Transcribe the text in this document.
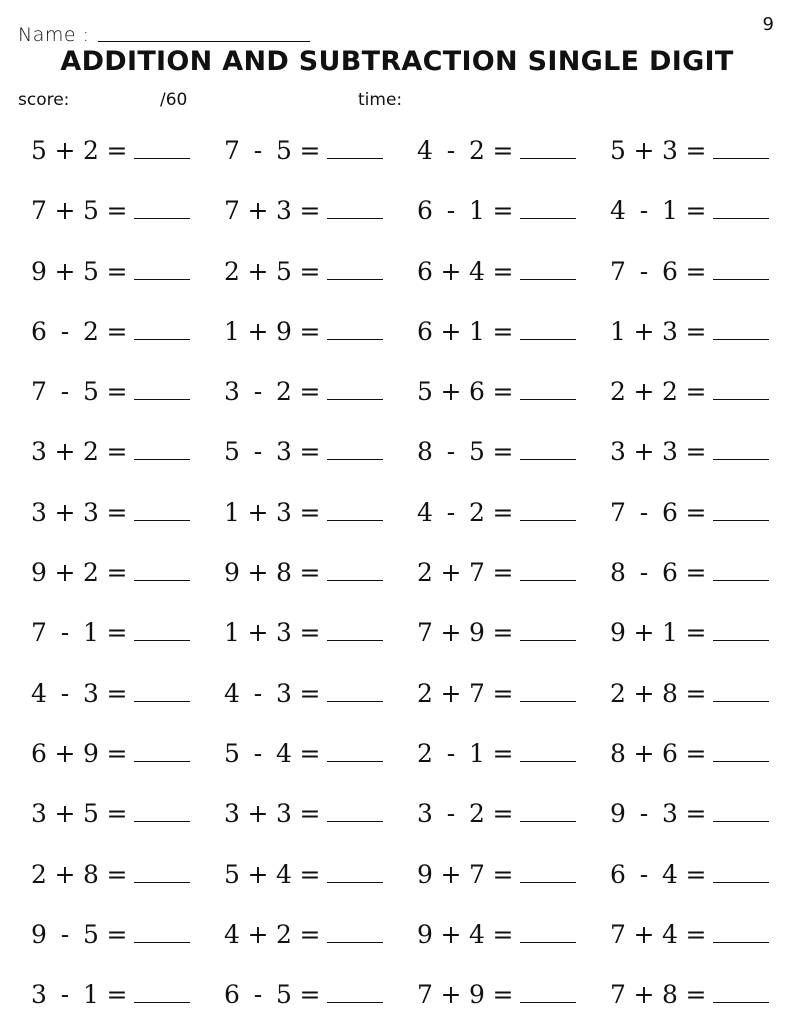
Name :	9
ADDITION AND SUBTRACTION SINGLE DIGIT
score:	/60	time:
5 + 2 =	7 - 5 =	4 - 2 =	5 + 3 =
7 + 5 =	7 + 3 =	6 - 1 =	4 - 1 =
9 + 5 =	2 + 5 =	6 + 4 =	7 - 6 =
6 - 2 =	1 + 9 =	6 + 1 =	1 + 3 =
7 - 5 =	3 - 2 =	5 + 6 =	2 + 2 =
3 + 2 =	5 - 3 =	8 - 5 =	3 + 3 =
3 + 3 =	1 + 3 =	4 - 2 =	7 - 6 =
9 + 2 =	9 + 8 =	2 + 7 =	8 - 6 =
7 - 1 =	1 + 3 =	7 + 9 =	9 + 1 =
4 - 3 =	4 - 3 =	2 + 7 =	2 + 8 =
6 + 9 =	5 - 4 =	2 - 1 =	8 + 6 =
3 + 5 =	3 + 3 =	3 - 2 =	9 - 3 =
2 + 8 =	5 + 4 =	9 + 7 =	6 - 4 =
9 - 5 =	4 + 2 =	9 + 4 =	7 + 4 =
3 - 1 =	6 - 5 =	7 + 9 =	7 + 8 =
